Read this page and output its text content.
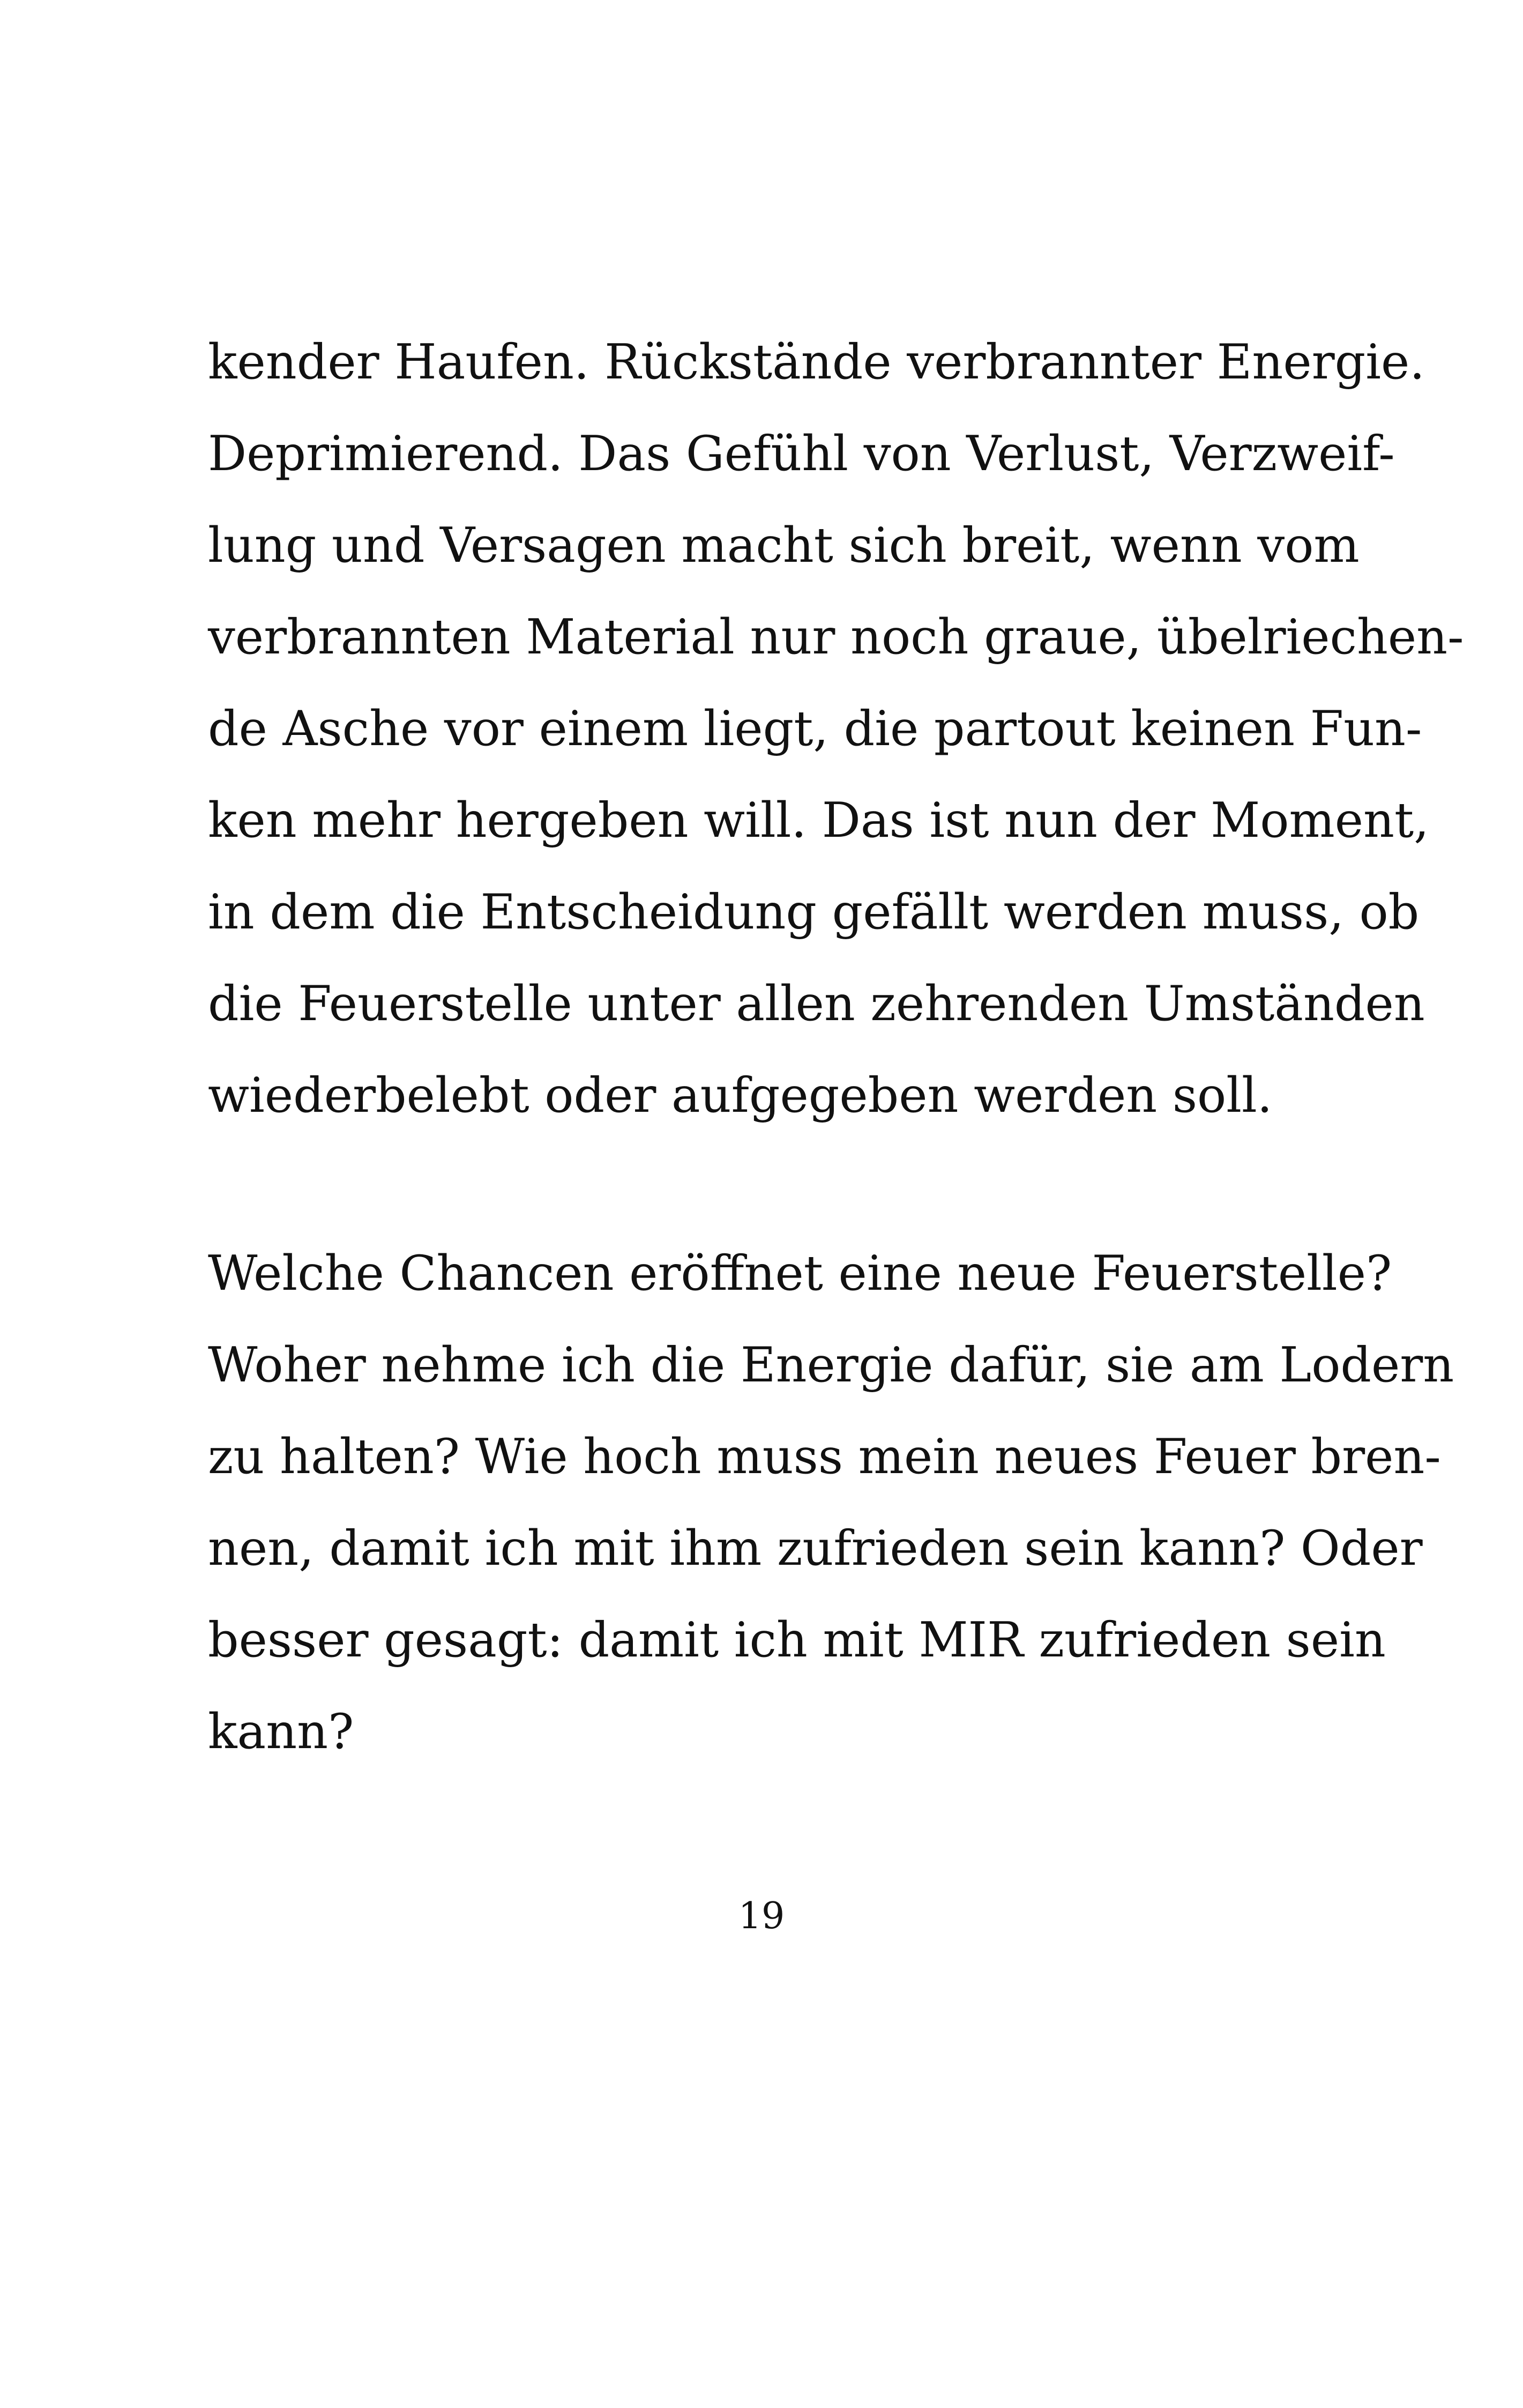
kender Haufen. Rückstände verbrannter Energie.
Deprimierend. Das Gefühl von Verlust, Verzweif-
lung und Versagen macht sich breit, wenn vom
verbrannten Material nur noch graue, übelriechen-
de Asche vor einem liegt, die partout keinen Fun-
ken mehr hergeben will. Das ist nun der Moment,
in dem die Entscheidung gefällt werden muss, ob
die Feuerstelle unter allen zehrenden Umständen
wiederbelebt oder aufgegeben werden soll.
Welche Chancen eröffnet eine neue Feuerstelle?
Woher nehme ich die Energie dafür, sie am Lodern
zu halten? Wie hoch muss mein neues Feuer bren-
nen, damit ich mit ihm zufrieden sein kann? Oder
besser gesagt: damit ich mit MIR zufrieden sein
kann?
19
